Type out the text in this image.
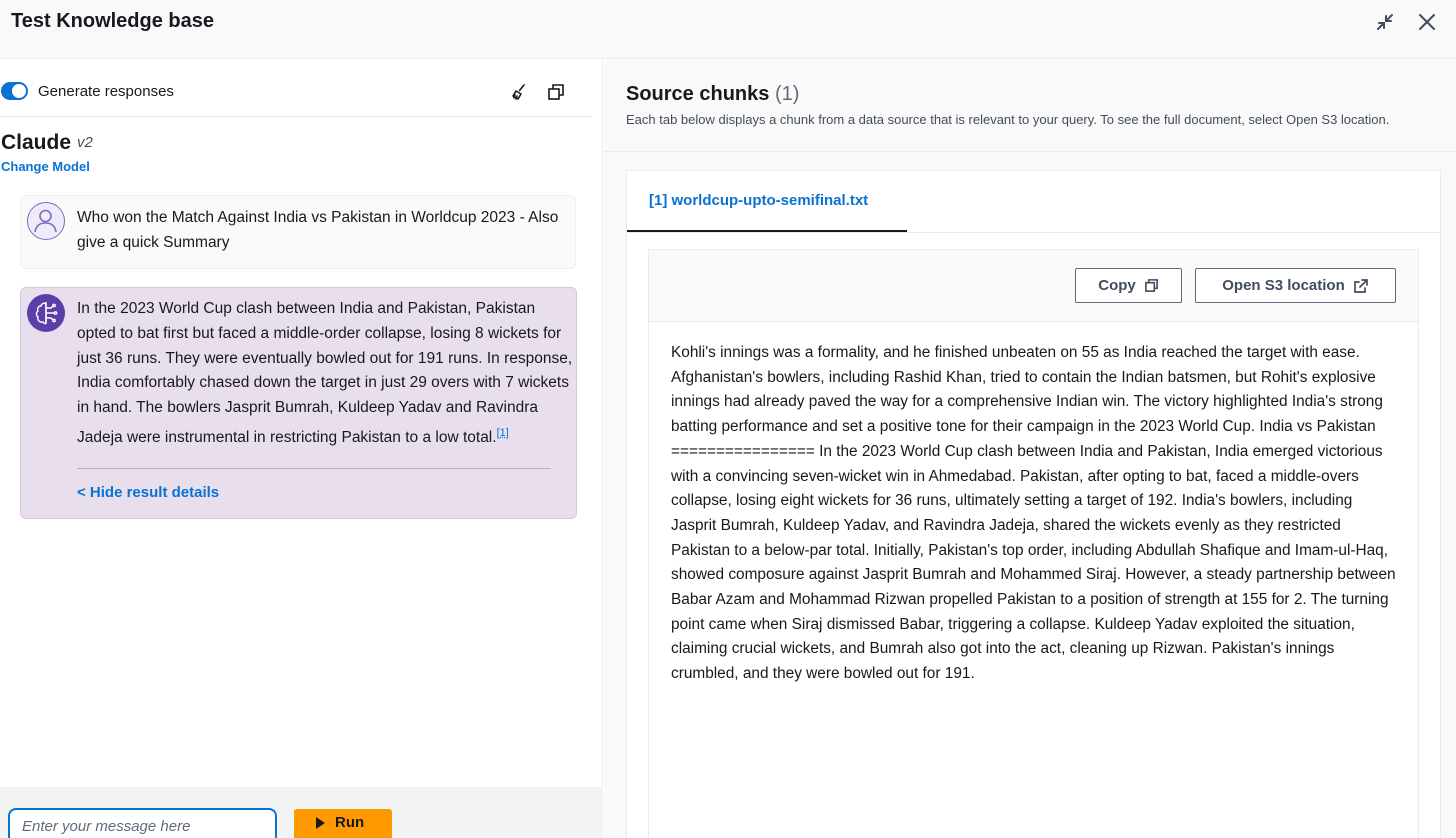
Test Knowledge base
Generate responses
Claude v2
Change Model
Who won the Match Against India vs Pakistan in Worldcup 2023 - Also give a quick Summary
In the 2023 World Cup clash between India and Pakistan, Pakistan opted to bat first but faced a middle-order collapse, losing 8 wickets for just 36 runs. They were eventually bowled out for 191 runs. In response, India comfortably chased down the target in just 29 overs with 7 wickets in hand. The bowlers Jasprit Bumrah, Kuldeep Yadav and Ravindra Jadeja were instrumental in restricting Pakistan to a low total.[1]
< Hide result details
Enter your message here
Run
Source chunks (1)
Each tab below displays a chunk from a data source that is relevant to your query. To see the full document, select Open S3 location.
[1] worldcup-upto-semifinal.txt
Copy	Open S3 location
Kohli's innings was a formality, and he finished unbeaten on 55 as India reached the target with ease. Afghanistan's bowlers, including Rashid Khan, tried to contain the Indian batsmen, but Rohit's explosive innings had already paved the way for a comprehensive Indian win. The victory highlighted India's strong batting performance and set a positive tone for their campaign in the 2023 World Cup. India vs Pakistan ================ In the 2023 World Cup clash between India and Pakistan, India emerged victorious with a convincing seven-wicket win in Ahmedabad. Pakistan, after opting to bat, faced a middle-overs collapse, losing eight wickets for 36 runs, ultimately setting a target of 192. India's bowlers, including Jasprit Bumrah, Kuldeep Yadav, and Ravindra Jadeja, shared the wickets evenly as they restricted Pakistan to a below-par total. Initially, Pakistan's top order, including Abdullah Shafique and Imam-ul-Haq, showed composure against Jasprit Bumrah and Mohammed Siraj. However, a steady partnership between Babar Azam and Mohammad Rizwan propelled Pakistan to a position of strength at 155 for 2. The turning point came when Siraj dismissed Babar, triggering a collapse. Kuldeep Yadav exploited the situation, claiming crucial wickets, and Bumrah also got into the act, cleaning up Rizwan. Pakistan's innings crumbled, and they were bowled out for 191.
